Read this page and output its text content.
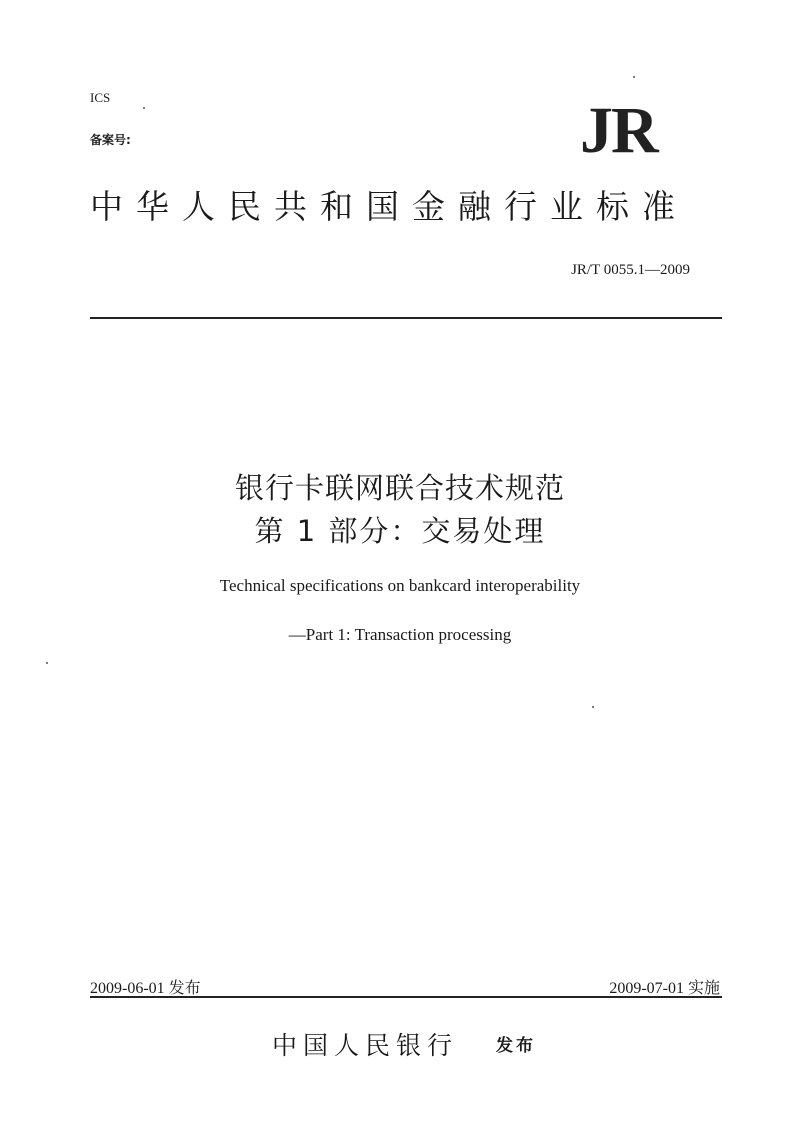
ICS
备案号:	JR
中华人民共和国金融行业标准
JR/T 0055.1—2009
银行卡联网联合技术规范
第 1 部分：交易处理
Technical specifications on bankcard interoperability
—Part 1: Transaction processing
2009-06-01 发布	2009-07-01 实施
中国人民银行 发布
